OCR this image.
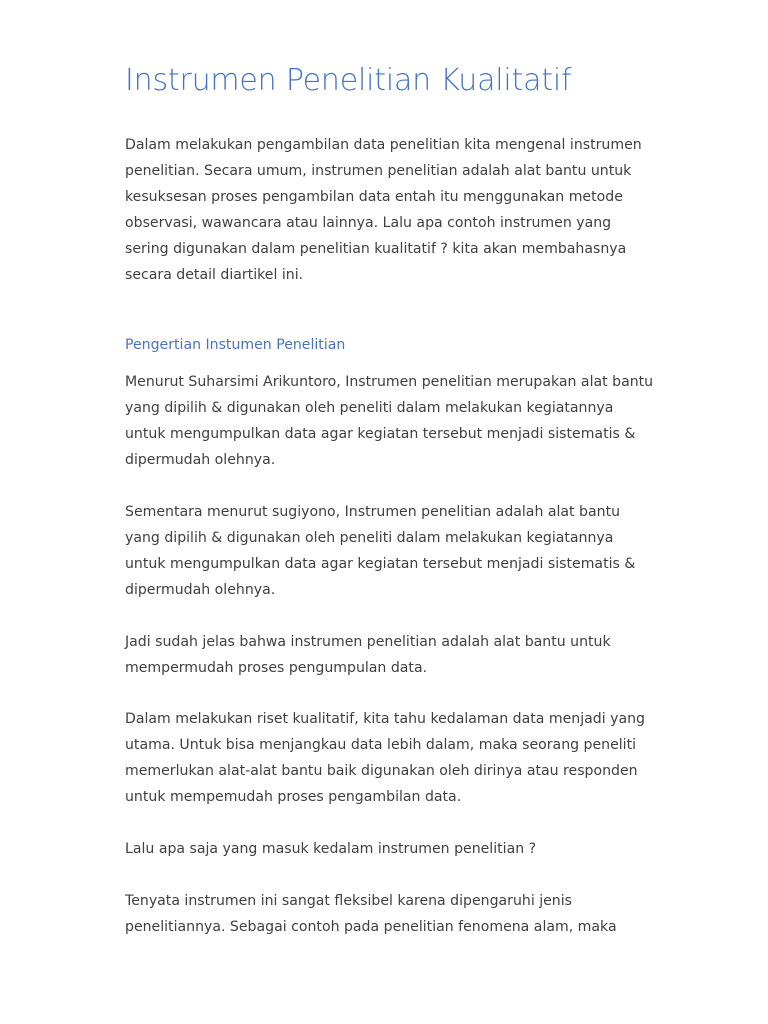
Instrumen Penelitian Kualitatif

Dalam melakukan pengambilan data penelitian kita mengenal instrumen penelitian. Secara umum, instrumen penelitian adalah alat bantu untuk kesuksesan proses pengambilan data entah itu menggunakan metode observasi, wawancara atau lainnya. Lalu apa contoh instrumen yang sering digunakan dalam penelitian kualitatif ? kita akan membahasnya secara detail diartikel ini.

Pengertian Instumen Penelitian

Menurut Suharsimi Arikuntoro, Instrumen penelitian merupakan alat bantu yang dipilih & digunakan oleh peneliti dalam melakukan kegiatannya untuk mengumpulkan data agar kegiatan tersebut menjadi sistematis & dipermudah olehnya.

Sementara menurut sugiyono, Instrumen penelitian adalah alat bantu yang dipilih & digunakan oleh peneliti dalam melakukan kegiatannya untuk mengumpulkan data agar kegiatan tersebut menjadi sistematis & dipermudah olehnya.

Jadi sudah jelas bahwa instrumen penelitian adalah alat bantu untuk mempermudah proses pengumpulan data.

Dalam melakukan riset kualitatif, kita tahu kedalaman data menjadi yang utama. Untuk bisa menjangkau data lebih dalam, maka seorang peneliti memerlukan alat-alat bantu baik digunakan oleh dirinya atau responden untuk mempemudah proses pengambilan data.

Lalu apa saja yang masuk kedalam instrumen penelitian ?

Tenyata instrumen ini sangat fleksibel karena dipengaruhi jenis penelitiannya. Sebagai contoh pada penelitian fenomena alam, maka
